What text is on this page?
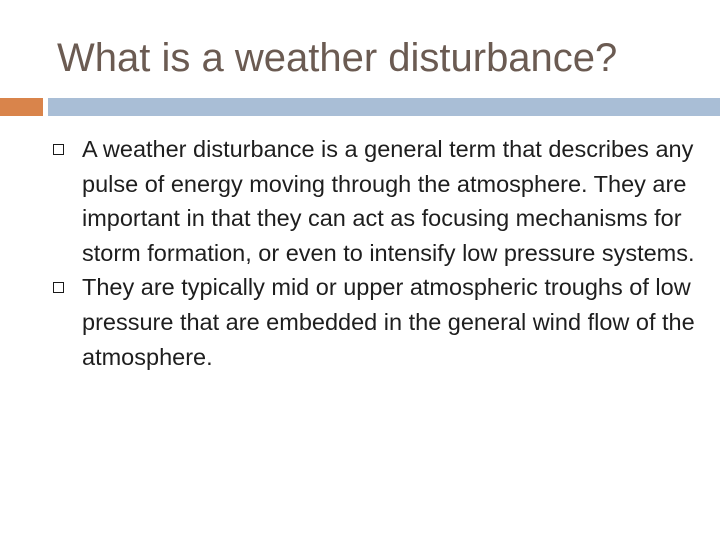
What is a weather disturbance?
A weather disturbance is a general term that describes any pulse of energy moving through the atmosphere. They are important in that they can act as focusing mechanisms for storm formation, or even to intensify low pressure systems.
They are typically mid or upper atmospheric troughs of low pressure that are embedded in the general wind flow of the atmosphere.
